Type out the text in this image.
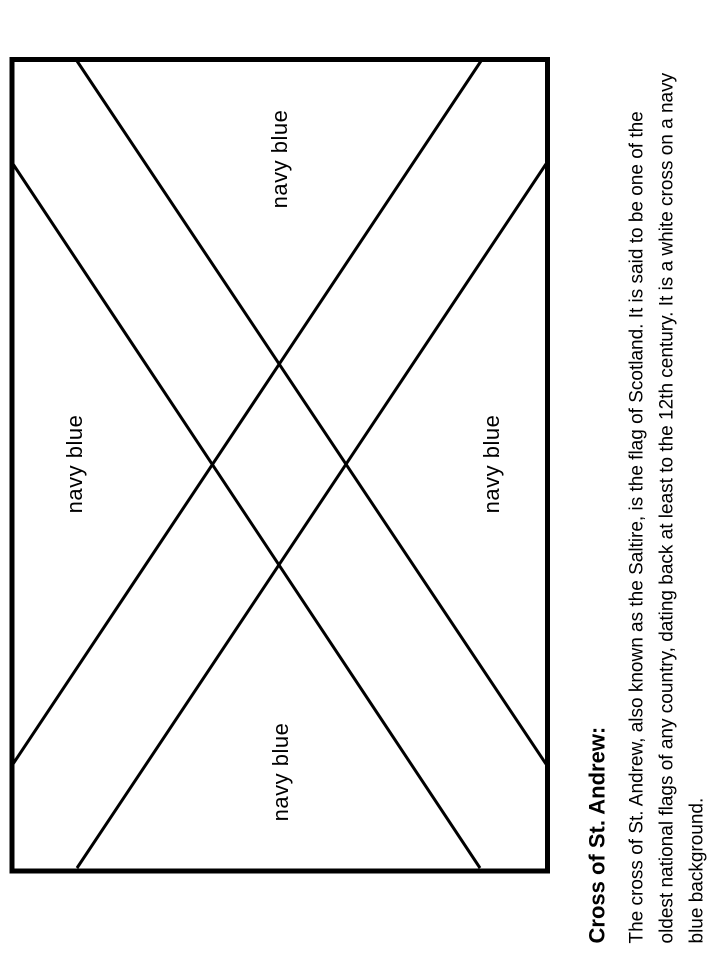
navy blue
navy blue	navy blue
navy blue	Cross of St. Andrew: The cross of St. Andrew, also known as the Saltire, is the flag of Scotland. It is said to be one of the oldest national flags of any country, dating back at least to the 12th century. It is a white cross on a navy blue background.
